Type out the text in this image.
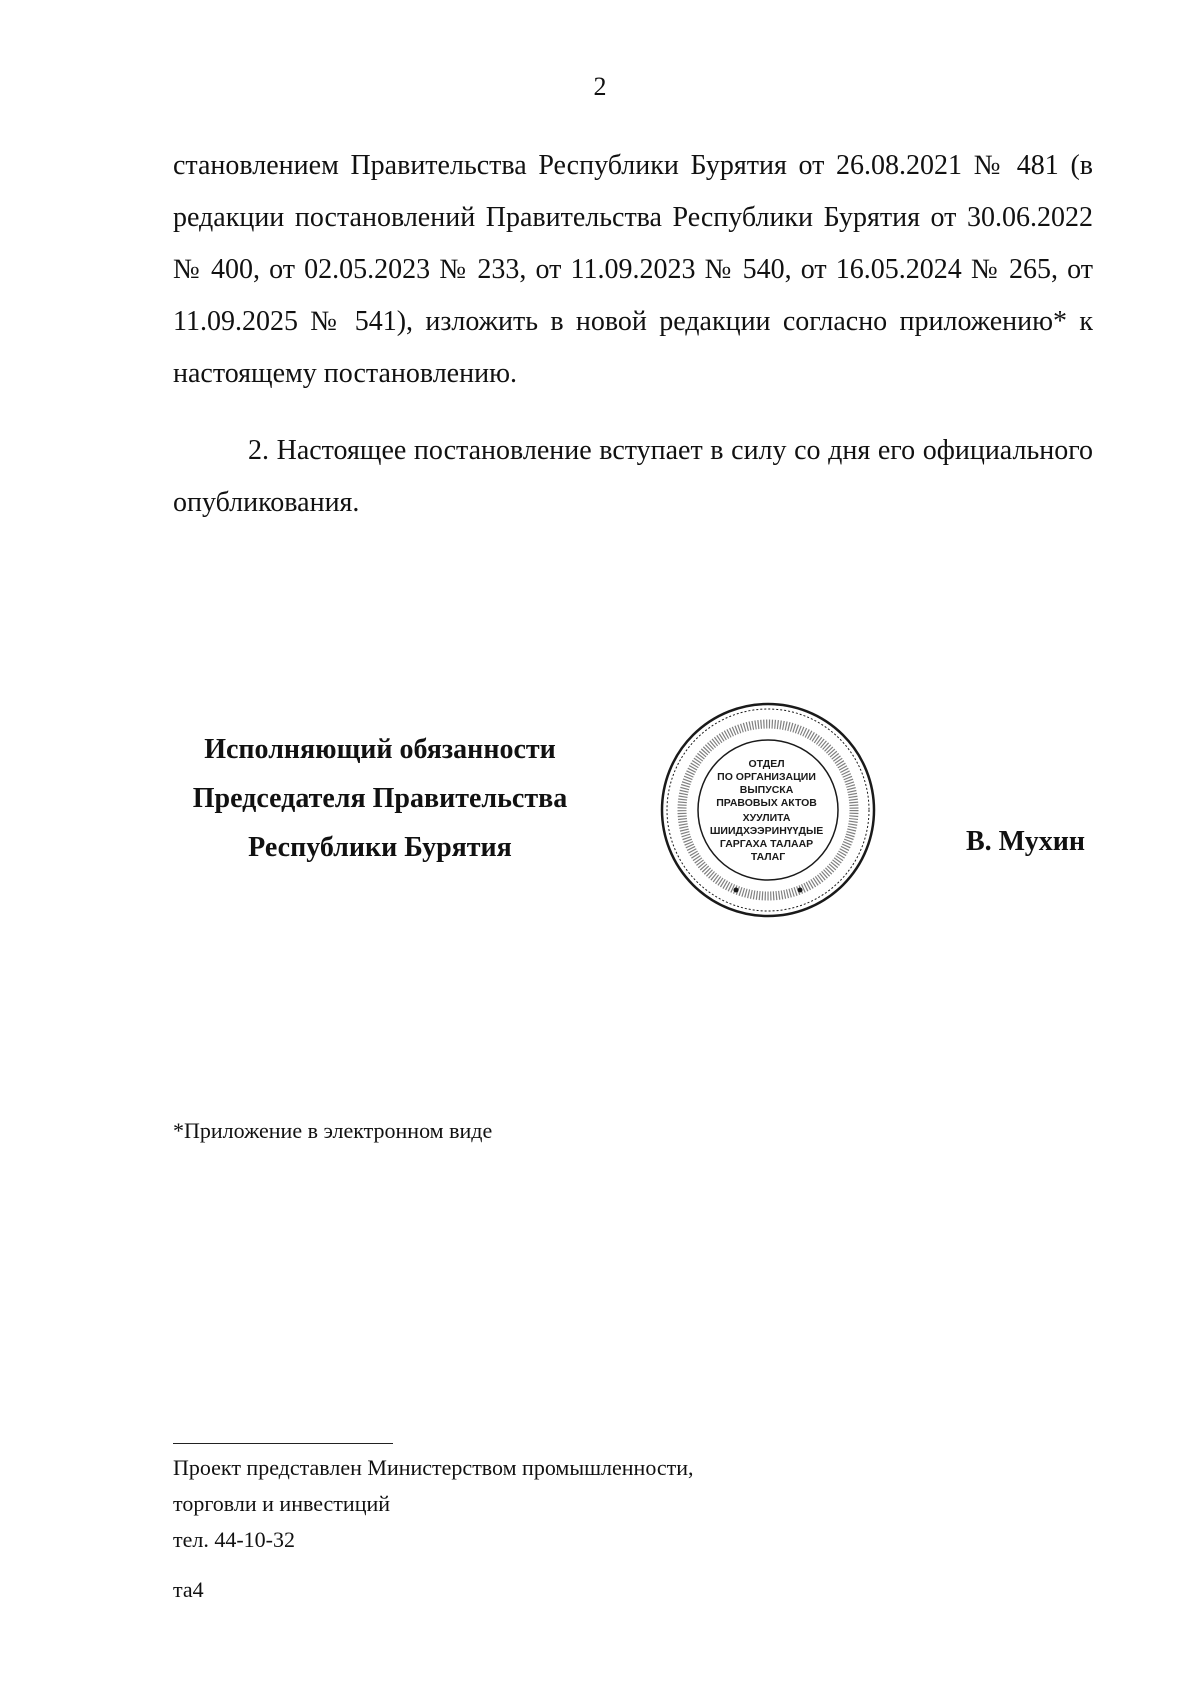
2

становлением Правительства Республики Бурятия от 26.08.2021 № 481 (в редакции постановлений Правительства Республики Бурятия от 30.06.2022 № 400, от 02.05.2023 № 233, от 11.09.2023 № 540, от 16.05.2024 № 265, от 11.09.2025 № 541), изложить в новой редакции согласно приложению* к настоящему постановлению.

2. Настоящее постановление вступает в силу со дня его официального опубликования.

Исполняющий обязанности
Председателя Правительства
Республики Бурятия
ОТДЕЛ ПО ОРГАНИЗАЦИИ ВЫПУСКА ПРАВОВЫХ АКТОВ ХУУЛИТА ШИИДХЭЭРИНҮҮДЫЕ ГАРГАХА ТАЛААР ТАЛАГ	В. Мухин
*Приложение в электронном виде
Проект представлен Министерством промышленности,
торговли и инвестиций
тел. 44-10-32
та4
